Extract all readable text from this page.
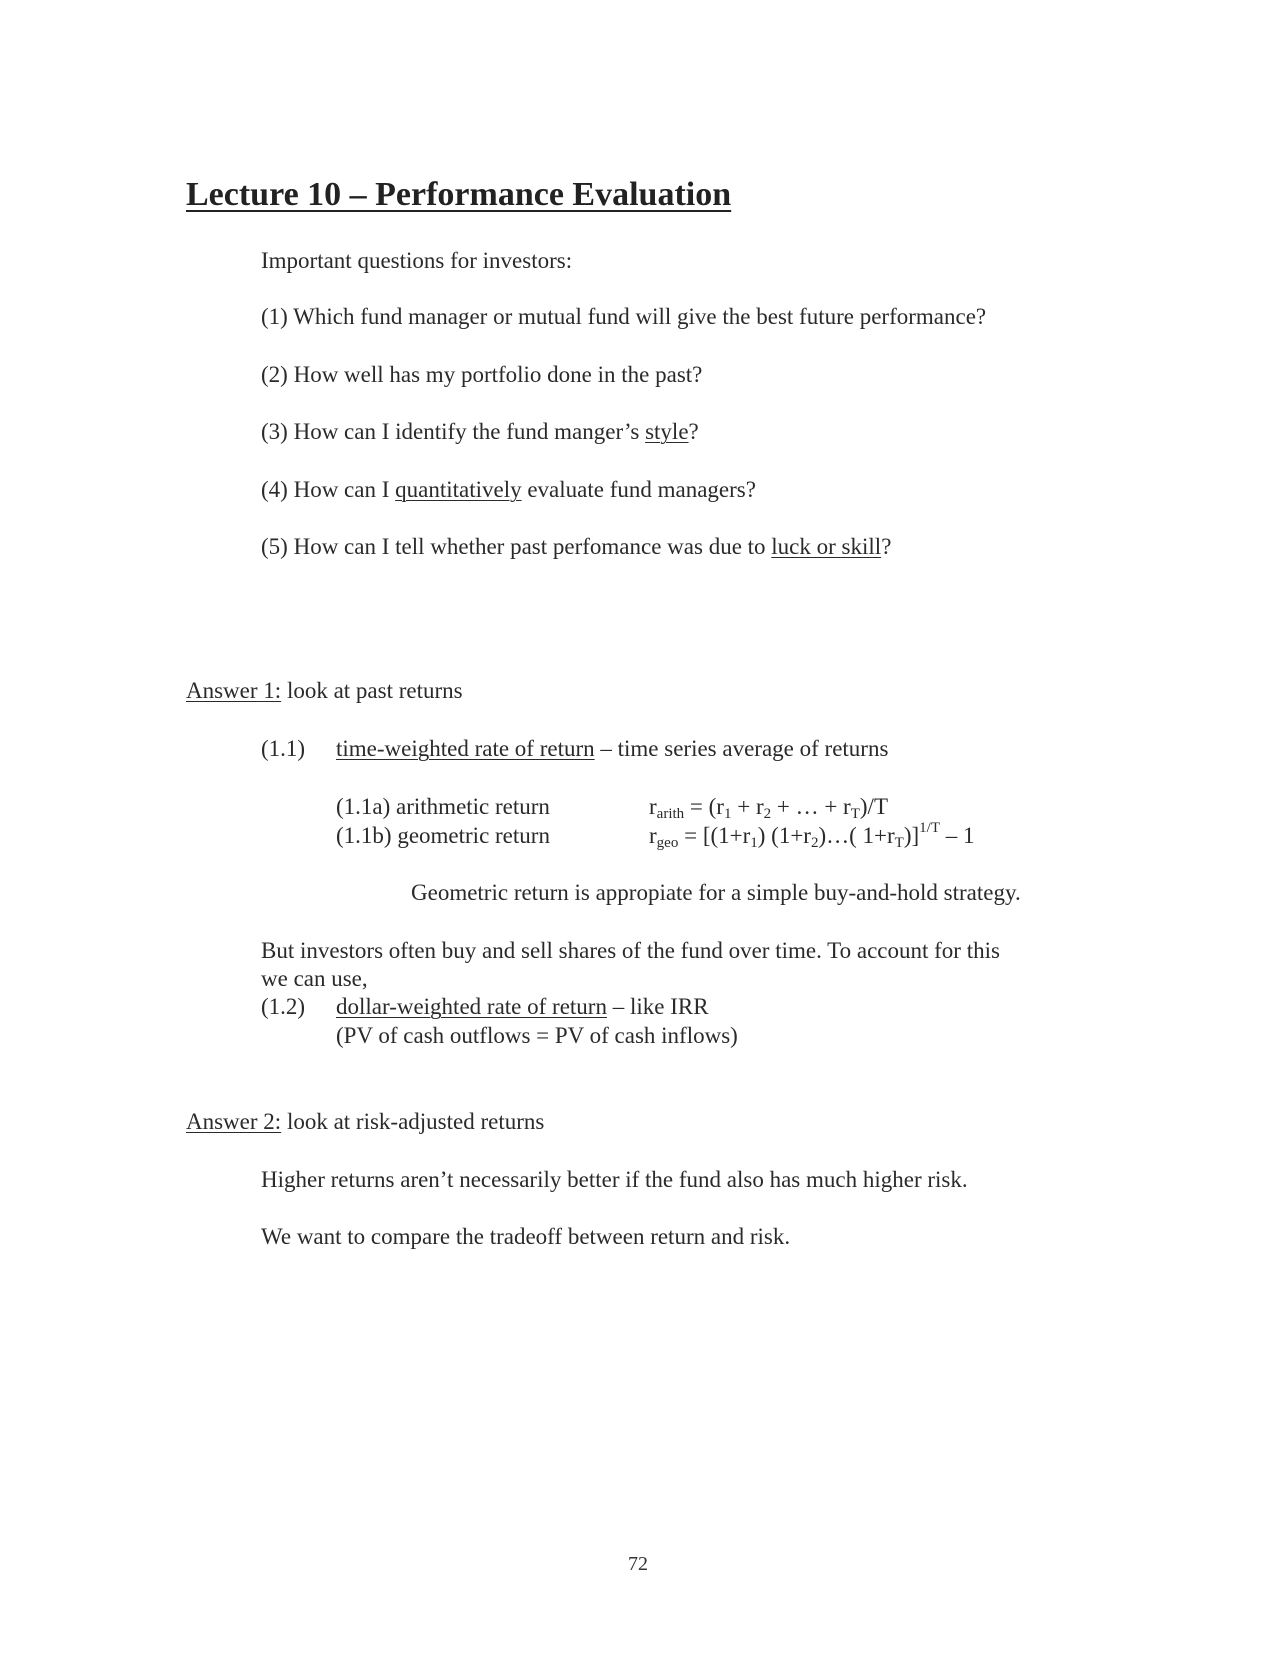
Lecture 10 – Performance Evaluation
Important questions for investors:
(1) Which fund manager or mutual fund will give the best future performance?
(2) How well has my portfolio done in the past?
(3) How can I identify the fund manger’s style?
(4) How can I quantitatively evaluate fund managers?
(5) How can I tell whether past perfomance was due to luck or skill?
Answer 1: look at past returns
(1.1) time-weighted rate of return – time series average of returns
(1.1a) arithmetic return	$r_{arith} = (r_1 + r_2$ + … + $r_T)/T$
(1.1b) geometric return	$r_{geo} = [(1+r_1)$ $(1+r_2)\dots$( $1+r_T)]^{1/T} - 1$
Geometric return is appropiate for a simple buy-and-hold strategy.
But investors often buy and sell shares of the fund over time. To account for this
we can use,
(1.2) dollar-weighted rate of return – like IRR
(PV of cash outflows = PV of cash inflows)
Answer 2: look at risk-adjusted returns
Higher returns aren’t necessarily better if the fund also has much higher risk.
We want to compare the tradeoff between return and risk.
72
